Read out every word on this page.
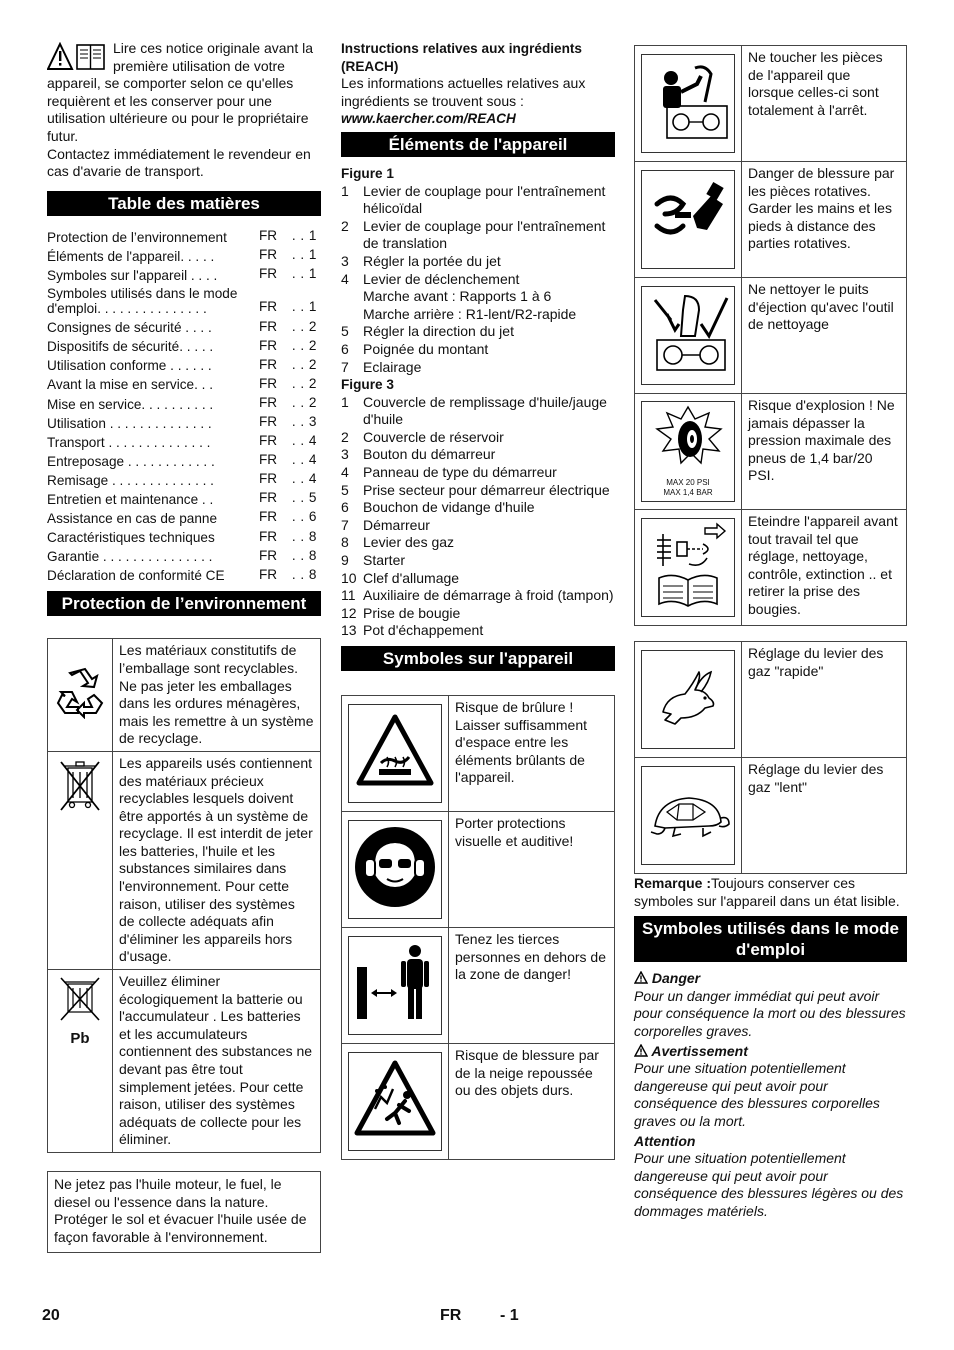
Lire ces notice originale avant la première utilisation de votre appareil, se comporter selon ce qu'elles requièrent et les conserver pour une utilisation ultérieure ou pour le propriétaire futur.

Contactez immédiatement le revendeur en cas d'avarie de transport.

Table des matières
Protection de l’environnement	FR	. . 1
Éléments de l'appareil. . . . .	FR	. . 1
Symboles sur l'appareil . . . .	FR	. . 1
Symboles utilisés dans le mode d'emploi. . . . . . . . . . . . . . .	FR	. . 1
Consignes de sécurité . . . .	FR	. . 2
Dispositifs de sécurité. . . . .	FR	. . 2
Utilisation conforme . . . . . .	FR	. . 2
Avant la mise en service. . .	FR	. . 2
Mise en service. . . . . . . . . .	FR	. . 2
Utilisation . . . . . . . . . . . . . .	FR	. . 3
Transport . . . . . . . . . . . . . .	FR	. . 4
Entreposage . . . . . . . . . . . .	FR	. . 4
Remisage . . . . . . . . . . . . . .	FR	. . 4
Entretien et maintenance . .	FR	. . 5
Assistance en cas de panne	FR	. . 6
Caractéristiques techniques	FR	. . 8
Garantie . . . . . . . . . . . . . . .	FR	. . 8
Déclaration de conformité CE	FR	. . 8
Protection de l’environnement
	Les matériaux constitutifs de l’emballage sont recyclables. Ne pas jeter les emballages dans les ordures ménagères, mais les remettre à un système de recyclage.
	Les appareils usés contiennent des matériaux précieux recyclables lesquels doivent être apportés à un système de recyclage. Il est interdit de jeter les batteries, l'huile et les substances similaires dans l'environnement. Pour cette raison, utiliser des systèmes de collecte adéquats afin d'éliminer les appareils hors d'usage.

Pb	Veuillez éliminer écologiquement la batterie ou l'accumulateur . Les batteries et les accumulateurs contiennent des substances ne devant pas être tout simplement jetées. Pour cette raison, utiliser des systèmes adéquats de collecte pour les éliminer.
Ne jetez pas l'huile moteur, le fuel, le diesel ou l'essence dans la nature. Protéger le sol et évacuer l'huile usée de façon favorable à l'environnement.

Instructions relatives aux ingrédients (REACH)

Les informations actuelles relatives aux ingrédients se trouvent sous :

www.kaercher.com/REACH

Éléments de l'appareil

Figure 1

1	Levier de couplage pour l'entraînement hélicoïdal
2	Levier de couplage pour l'entraînement de translation
3	Régler la portée du jet
4	Levier de déclenchement
Marche avant : Rapports 1 à 6
Marche arrière : R1-lent/R2-rapide
5	Régler la direction du jet
6	Poignée du montant
7	Eclairage

Figure 3

1	Couvercle de remplissage d'huile/jauge d'huile
2	Couvercle de réservoir
3	Bouton du démarreur
4	Panneau de type du démarreur
5	Prise secteur pour démarreur électrique
6	Bouchon de vidange d'huile
7	Démarreur
8	Levier des gaz
9	Starter
10 Clef d'allumage
11 Auxiliaire de démarrage à froid (tampon)
12 Prise de bougie
13 Pot d'échappement
Symboles sur l'appareil
	Risque de brûlure ! Laisser suffisamment d'espace entre les éléments brûlants de l'appareil.
	Porter protections visuelle et auditive!
	Tenez les tierces personnes en dehors de la zone de danger!
	Risque de blessure par de la neige repoussée ou des objets durs.
	Ne toucher les pièces de l'appareil que lorsque celles-ci sont totalement à l'arrêt.
	Danger de blessure par les pièces rotatives. Garder les mains et les pieds à distance des parties rotatives.
	Ne nettoyer le puits d'éjection qu'avec l'outil de nettoyage

MAX 20 PSI
MAX 1,4 BAR	Risque d'explosion ! Ne jamais dépasser la pression maximale des pneus de 1,4 bar/20 PSI.
	Eteindre l'appareil avant tout travail tel que réglage, nettoyage, contrôle, extinction .. et retirer la prise des bougies.
	Réglage du levier des gaz "rapide"
	Réglage du levier des gaz "lent"

Remarque :Toujours conserver ces symboles sur l'appareil dans un état lisible.

Symboles utilisés dans le mode d'emploi

Danger

Pour un danger immédiat qui peut avoir pour conséquence la mort ou des blessures corporelles graves.

Avertissement

Pour une situation potentiellement dangereuse qui peut avoir pour conséquence des blessures corporelles graves ou la mort.

Attention

Pour une situation potentiellement dangereuse qui peut avoir pour conséquence des blessures légères ou des dommages matériels.

20	FR - 1
